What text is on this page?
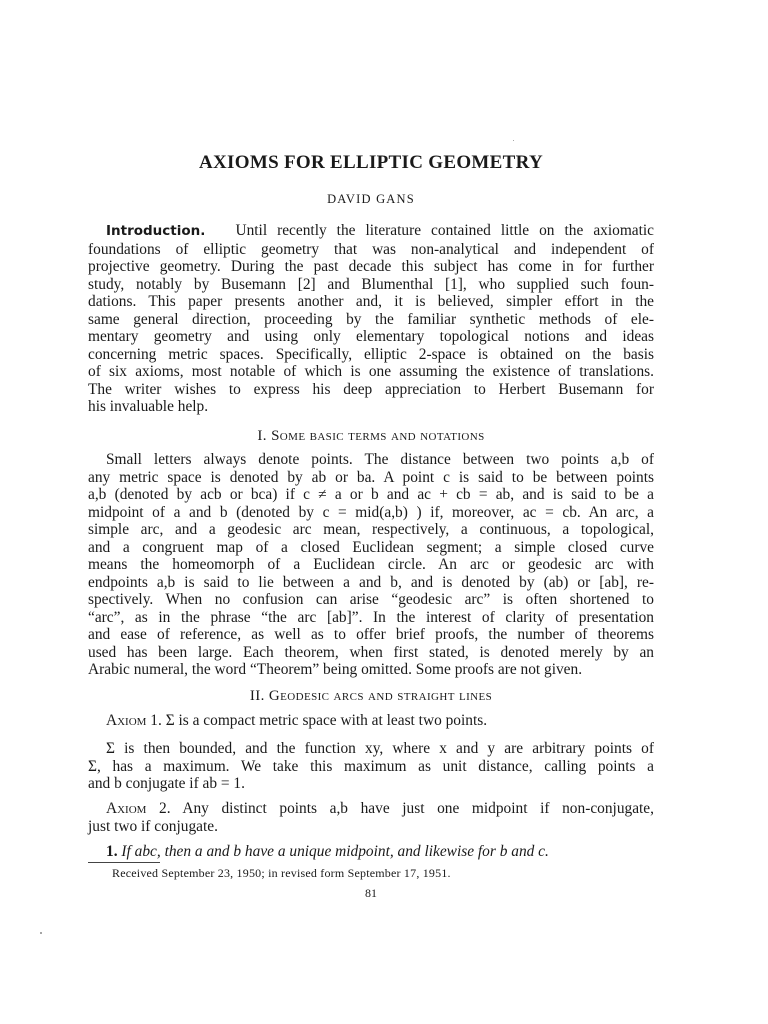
AXIOMS FOR ELLIPTIC GEOMETRY
DAVID GANS
Introduction. Until recently the literature contained little on the axiomatic
foundations of elliptic geometry that was non-analytical and independent of
projective geometry. During the past decade this subject has come in for further
study, notably by Busemann [2] and Blumenthal [1], who supplied such foun-
dations. This paper presents another and, it is believed, simpler effort in the
same general direction, proceeding by the familiar synthetic methods of ele-
mentary geometry and using only elementary topological notions and ideas
concerning metric spaces. Specifically, elliptic 2-space is obtained on the basis
of six axioms, most notable of which is one assuming the existence of translations.
The writer wishes to express his deep appreciation to Herbert Busemann for
his invaluable help.
I. Some basic terms and notations
Small letters always denote points. The distance between two points a,b of
any metric space is denoted by ab or ba. A point c is said to be between points
a,b (denoted by acb or bca) if c ≠ a or b and ac + cb = ab, and is said to be a
midpoint of a and b (denoted by c = mid(a,b) ) if, moreover, ac = cb. An arc, a
simple arc, and a geodesic arc mean, respectively, a continuous, a topological,
and a congruent map of a closed Euclidean segment; a simple closed curve
means the homeomorph of a Euclidean circle. An arc or geodesic arc with
endpoints a,b is said to lie between a and b, and is denoted by (ab) or [ab], re-
spectively. When no confusion can arise “geodesic arc” is often shortened to
“arc”, as in the phrase “the arc [ab]”. In the interest of clarity of presentation
and ease of reference, as well as to offer brief proofs, the number of theorems
used has been large. Each theorem, when first stated, is denoted merely by an
Arabic numeral, the word “Theorem” being omitted. Some proofs are not given.
II. Geodesic arcs and straight lines
Axiom 1. Σ is a compact metric space with at least two points.
Σ is then bounded, and the function xy, where x and y are arbitrary points of
Σ, has a maximum. We take this maximum as unit distance, calling points a
and b conjugate if ab = 1.
Axiom 2. Any distinct points a,b have just one midpoint if non-conjugate,
just two if conjugate.
1. If abc, then a and b have a unique midpoint, and likewise for b and c.
Received September 23, 1950; in revised form September 17, 1951.
81
